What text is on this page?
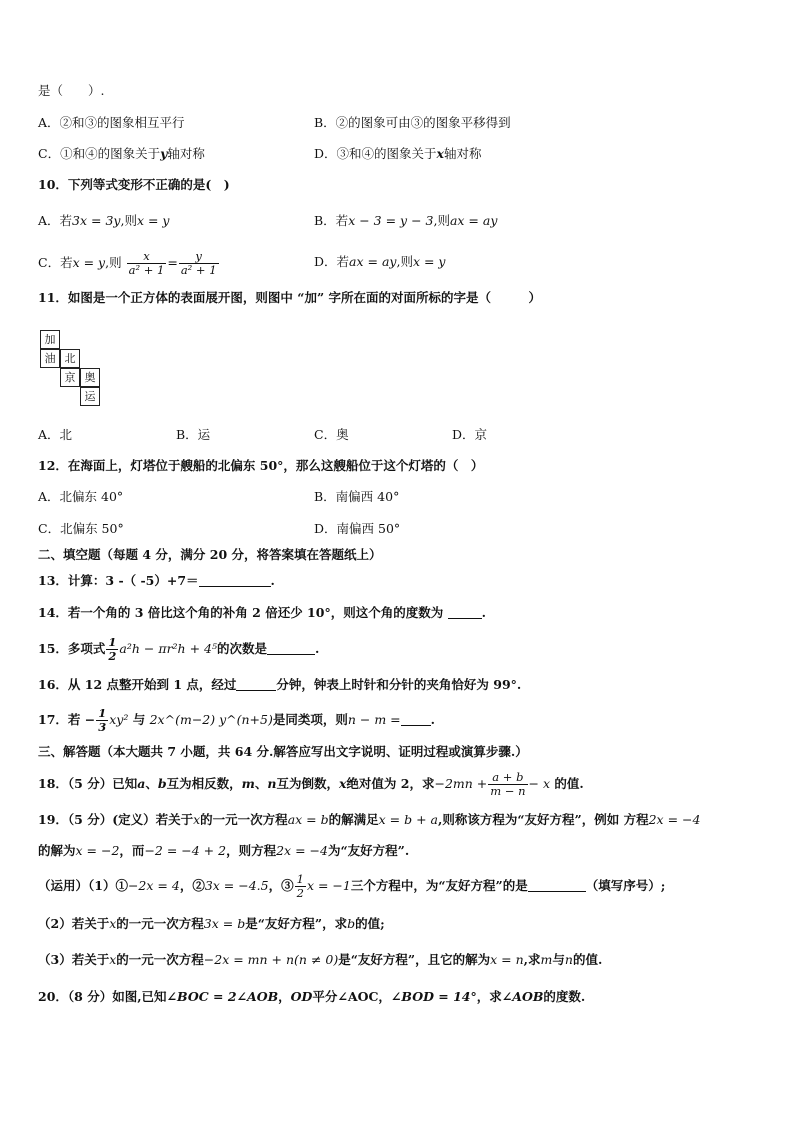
是（　　）.
A．②和③的图象相互平行	B．②的图象可由③的图象平移得到
C．①和④的图象关于y轴对称	D．③和④的图象关于x轴对称
10．下列等式变形不正确的是(　)
A．若3x = 3y,则x = y	B．若x − 3 = y − 3,则ax = ay
C．若x = y,则 $\frac{x}{\text{a² + 1}} = \frac{y}{\text{a² + 1}}$	D．若ax = ay,则x = y
11．如图是一个正方体的表面展开图，则图中 “加” 字所在面的对面所标的字是（　　　）
加
油 北
京 奥
运
A．北	B．运	C．奥	D．京
12．在海面上，灯塔位于艘船的北偏东 50°，那么这艘船位于这个灯塔的（　）
A．北偏东 40°	B．南偏西 40°
C．北偏东 50°	D．南偏西 50°
二、填空题（每题 4 分，满分 20 分，将答案填在答题纸上）
13．计算：3 -（ -5）+7＝	.
14．若一个角的 3 倍比这个角的补角 2 倍还少 10°，则这个角的度数为	.
15．多项式 $\frac{1}{2} a^2h - \pi r^2h + 4^5$的次数是	.
16．从 12 点整开始到 1 点，经过	分钟，钟表上时针和分针的夹角恰好为 99°.
17．若 − $\frac{1}{3} xy^2$ 与 2x^(m−2) y^(n+5)是同类项，则n − m = .
三、解答题（本大题共 7 小题，共 64 分.解答应写出文字说明、证明过程或演算步骤.）
18．（5 分）已知a、b互为相反数，m、n互为倒数，x绝对值为 2，求$-2mn + \frac{a + b}{m - n} - x$ 的值.
19．（5 分）(定义）若关于x的一元一次方程ax = b的解满足x = b + a,则称该方程为“友好方程”，例如 方程2x = −4
的解为x = −2，而−2 = −4 + 2，则方程2x = −4为“友好方程”.
（运用）（1）①−2x = 4，②3x = −4.5，③ $\frac{1}{2}$ x = −1三个方程中，为“友好方程”的是	（填写序号）;
（2）若关于x的一元一次方程3x = b是“友好方程”，求b的值;
（3）若关于x的一元一次方程−2x = mn + n(n ≠ 0)是“友好方程”，且它的解为x = n,求m与n的值.
20．（8 分）如图,已知∠BOC = 2∠AOB，OD平分∠AOC，∠BOD = 14°，求∠AOB的度数.
